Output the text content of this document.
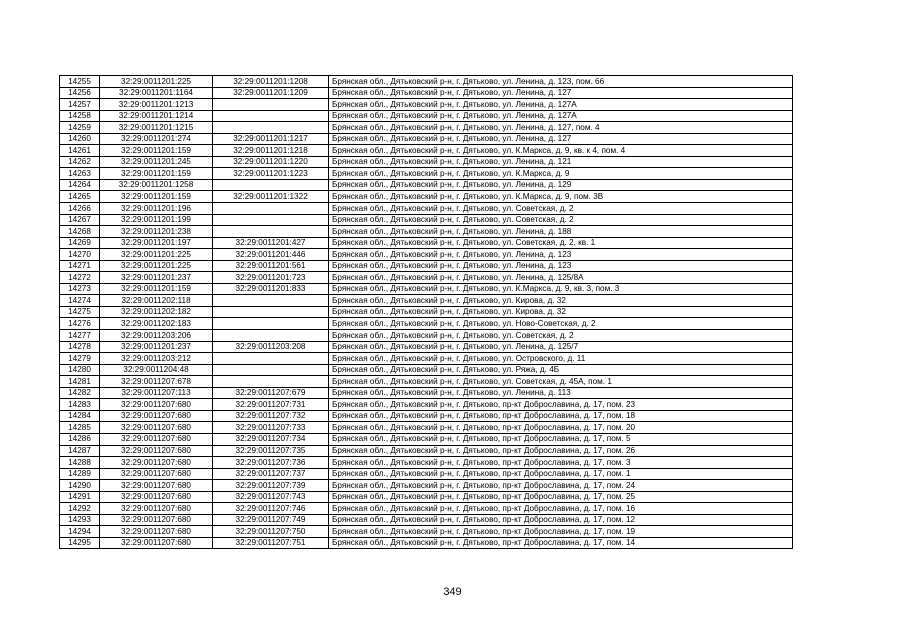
14255	32:29:0011201:225	32:29:0011201:1208	Брянская обл., Дятьковский р-н, г. Дятьково, ул. Ленина, д. 123, пом. 66
14256	32:29:0011201:1164	32:29:0011201:1209	Брянская обл., Дятьковский р-н, г. Дятьково, ул. Ленина, д. 127
14257	32:29:0011201:1213		Брянская обл., Дятьковский р-н, г. Дятьково, ул. Ленина, д. 127А
14258	32:29:0011201:1214		Брянская обл., Дятьковский р-н, г. Дятьково, ул. Ленина, д. 127А
14259	32:29:0011201:1215		Брянская обл., Дятьковский р-н, г. Дятьково, ул. Ленина, д. 127, пом. 4
14260	32:29:0011201:274	32:29:0011201:1217	Брянская обл., Дятьковский р-н, г. Дятьково, ул. Ленина, д. 127
14261	32:29:0011201:159	32:29:0011201:1218	Брянская обл., Дятьковский р-н, г. Дятьково, ул. К.Маркса, д. 9, кв. к 4, пом. 4
14262	32:29:0011201:245	32:29:0011201:1220	Брянская обл., Дятьковский р-н, г. Дятьково, ул. Ленина, д. 121
14263	32:29:0011201:159	32:29:0011201:1223	Брянская обл., Дятьковский р-н, г. Дятьково, ул. К.Маркса, д. 9
14264	32:29:0011201:1258		Брянская обл., Дятьковский р-н, г. Дятьково, ул. Ленина, д. 129
14265	32:29:0011201:159	32:29:0011201:1322	Брянская обл., Дятьковский р-н, г. Дятьково, ул. К.Маркса, д. 9, пом. 3В
14266	32:29:0011201:196		Брянская обл., Дятьковский р-н, г. Дятьково, ул. Советская, д. 2
14267	32:29:0011201:199		Брянская обл., Дятьковский р-н, г. Дятьково, ул. Советская, д. 2
14268	32:29:0011201:238		Брянская обл., Дятьковский р-н, г. Дятьково, ул. Ленина, д. 188
14269	32:29:0011201:197	32:29:0011201:427	Брянская обл., Дятьковский р-н, г. Дятьково, ул. Советская, д. 2, кв. 1
14270	32:29:0011201:225	32:29:0011201:446	Брянская обл., Дятьковский р-н, г. Дятьково, ул. Ленина, д. 123
14271	32:29:0011201:225	32:29:0011201:561	Брянская обл., Дятьковский р-н, г. Дятьково, ул. Ленина, д. 123
14272	32:29:0011201:237	32:29:0011201:723	Брянская обл., Дятьковский р-н, г. Дятьково, ул. Ленина, д. 125/8А
14273	32:29:0011201:159	32:29:0011201:833	Брянская обл., Дятьковский р-н, г. Дятьково, ул. К.Маркса, д. 9, кв. 3, пом. 3
14274	32:29:0011202:118		Брянская обл., Дятьковский р-н, г. Дятьково, ул. Кирова, д. 32
14275	32:29:0011202:182		Брянская обл., Дятьковский р-н, г. Дятьково, ул. Кирова, д. 32
14276	32:29:0011202:183		Брянская обл., Дятьковский р-н, г. Дятьково, ул. Ново-Советская, д. 2
14277	32:29:0011203:206		Брянская обл., Дятьковский р-н, г. Дятьково, ул. Советская, д. 2
14278	32:29:0011201:237	32:29:0011203:208	Брянская обл., Дятьковский р-н, г. Дятьково, ул. Ленина, д. 125/7
14279	32:29:0011203:212		Брянская обл., Дятьковский р-н, г. Дятьково, ул. Островского, д. 11
14280	32:29:0011204:48		Брянская обл., Дятьковский р-н, г. Дятьково, ул. Ряжа, д. 4Б
14281	32:29:0011207:678		Брянская обл., Дятьковский р-н, г. Дятьково, ул. Советская, д. 45А, пом. 1
14282	32:29:0011207:113	32:29:0011207:679	Брянская обл., Дятьковский р-н, г. Дятьково, ул. Ленина, д. 113
14283	32:29:0011207:680	32:29:0011207:731	Брянская обл., Дятьковский р-н, г. Дятьково, пр-кт Доброславина, д. 17, пом. 23
14284	32:29:0011207:680	32:29:0011207:732	Брянская обл., Дятьковский р-н, г. Дятьково, пр-кт Доброславина, д. 17, пом. 18
14285	32:29:0011207:680	32:29:0011207:733	Брянская обл., Дятьковский р-н, г. Дятьково, пр-кт Доброславина, д. 17, пом. 20
14286	32:29:0011207:680	32:29:0011207:734	Брянская обл., Дятьковский р-н, г. Дятьково, пр-кт Доброславина, д. 17, пом. 5
14287	32:29:0011207:680	32:29:0011207:735	Брянская обл., Дятьковский р-н, г. Дятьково, пр-кт Доброславина, д. 17, пом. 26
14288	32:29:0011207:680	32:29:0011207:736	Брянская обл., Дятьковский р-н, г. Дятьково, пр-кт Доброславина, д. 17, пом. 3
14289	32:29:0011207:680	32:29:0011207:737	Брянская обл., Дятьковский р-н, г. Дятьково, пр-кт Доброславина, д. 17, пом. 1
14290	32:29:0011207:680	32:29:0011207:739	Брянская обл., Дятьковский р-н, г. Дятьково, пр-кт Доброславина, д. 17, пом. 24
14291	32:29:0011207:680	32:29:0011207:743	Брянская обл., Дятьковский р-н, г. Дятьково, пр-кт Доброславина, д. 17, пом. 25
14292	32:29:0011207:680	32:29:0011207:746	Брянская обл., Дятьковский р-н, г. Дятьково, пр-кт Доброславина, д. 17, пом. 16
14293	32:29:0011207:680	32:29:0011207:749	Брянская обл., Дятьковский р-н, г. Дятьково, пр-кт Доброславина, д. 17, пом. 12
14294	32:29:0011207:680	32:29:0011207:750	Брянская обл., Дятьковский р-н, г. Дятьково, пр-кт Доброславина, д. 17, пом. 19
14295	32:29:0011207:680	32:29:0011207:751	Брянская обл., Дятьковский р-н, г. Дятьково, пр-кт Доброславина, д. 17, пом. 14
349
